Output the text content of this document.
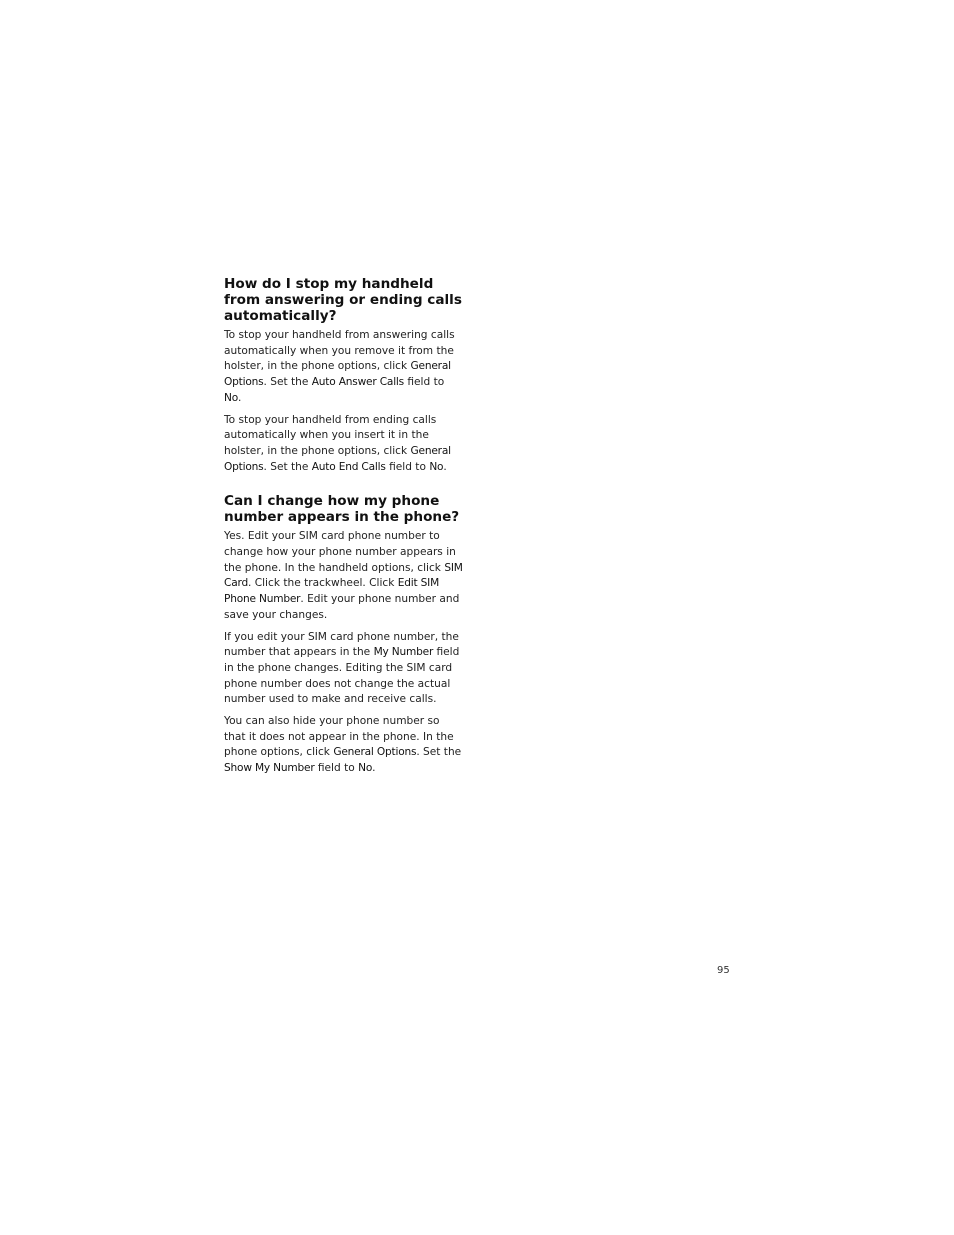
How do I stop my handheld from answering or ending calls automatically?

To stop your handheld from answering calls automatically when you remove it from the holster, in the phone options, click General Options. Set the Auto Answer Calls field to No.

To stop your handheld from ending calls automatically when you insert it in the holster, in the phone options, click General Options. Set the Auto End Calls field to No.

Can I change how my phone number appears in the phone?

Yes. Edit your SIM card phone number to change how your phone number appears in the phone. In the handheld options, click SIM Card. Click the trackwheel. Click Edit SIM Phone Number. Edit your phone number and save your changes.

If you edit your SIM card phone number, the number that appears in the My Number field in the phone changes. Editing the SIM card phone number does not change the actual number used to make and receive calls.

You can also hide your phone number so that it does not appear in the phone. In the phone options, click General Options. Set the Show My Number field to No.

95
